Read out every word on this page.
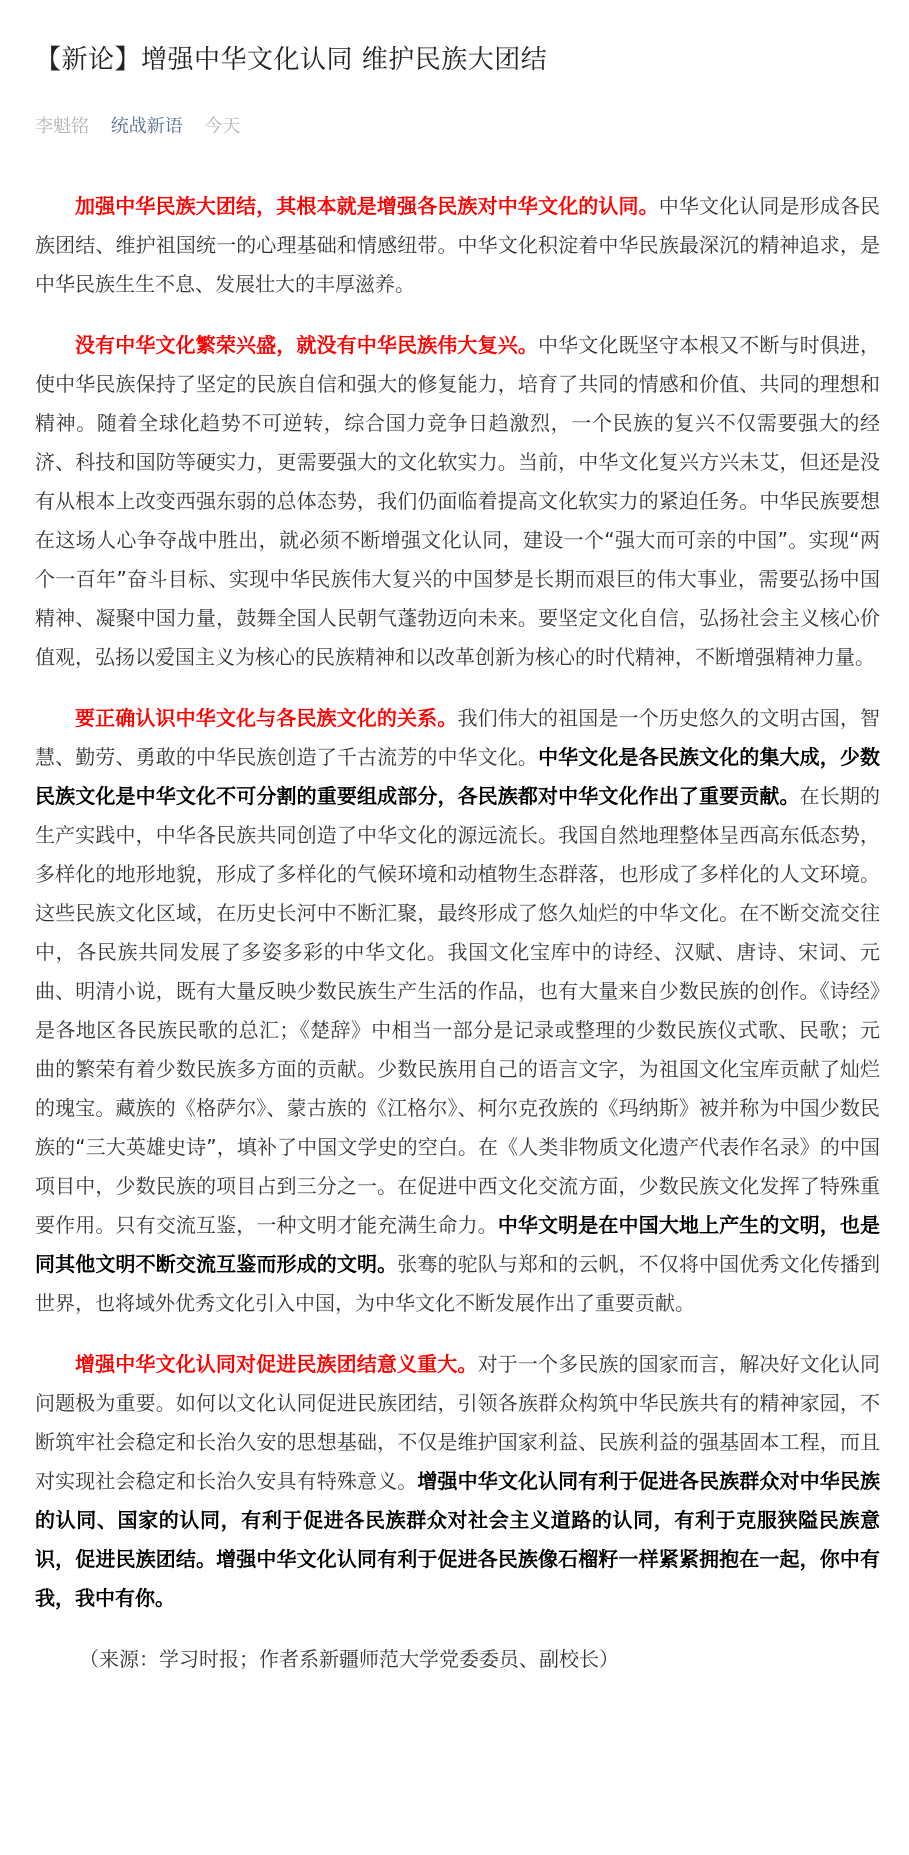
【新论】增强中华文化认同 维护民族大团结
李魁铭 统战新语 今天

加强中华民族大团结，其根本就是增强各民族对中华文化的认同。中华文化认同是形成各民族团结、维护祖国统一的心理基础和情感纽带。中华文化积淀着中华民族最深沉的精神追求，是中华民族生生不息、发展壮大的丰厚滋养。

没有中华文化繁荣兴盛，就没有中华民族伟大复兴。中华文化既坚守本根又不断与时俱进，使中华民族保持了坚定的民族自信和强大的修复能力，培育了共同的情感和价值、共同的理想和精神。随着全球化趋势不可逆转，综合国力竞争日趋激烈，一个民族的复兴不仅需要强大的经济、科技和国防等硬实力，更需要强大的文化软实力。当前，中华文化复兴方兴未艾，但还是没有从根本上改变西强东弱的总体态势，我们仍面临着提高文化软实力的紧迫任务。中华民族要想在这场人心争夺战中胜出，就必须不断增强文化认同，建设一个“强大而可亲的中国”。实现“两个一百年”奋斗目标、实现中华民族伟大复兴的中国梦是长期而艰巨的伟大事业，需要弘扬中国精神、凝聚中国力量，鼓舞全国人民朝气蓬勃迈向未来。要坚定文化自信，弘扬社会主义核心价值观，弘扬以爱国主义为核心的民族精神和以改革创新为核心的时代精神，不断增强精神力量。

要正确认识中华文化与各民族文化的关系。我们伟大的祖国是一个历史悠久的文明古国，智慧、勤劳、勇敢的中华民族创造了千古流芳的中华文化。中华文化是各民族文化的集大成，少数民族文化是中华文化不可分割的重要组成部分，各民族都对中华文化作出了重要贡献。在长期的生产实践中，中华各民族共同创造了中华文化的源远流长。我国自然地理整体呈西高东低态势，多样化的地形地貌，形成了多样化的气候环境和动植物生态群落，也形成了多样化的人文环境。这些民族文化区域，在历史长河中不断汇聚，最终形成了悠久灿烂的中华文化。在不断交流交往中，各民族共同发展了多姿多彩的中华文化。我国文化宝库中的诗经、汉赋、唐诗、宋词、元曲、明清小说，既有大量反映少数民族生产生活的作品，也有大量来自少数民族的创作。《诗经》是各地区各民族民歌的总汇；《楚辞》中相当一部分是记录或整理的少数民族仪式歌、民歌；元曲的繁荣有着少数民族多方面的贡献。少数民族用自己的语言文字，为祖国文化宝库贡献了灿烂的瑰宝。藏族的《格萨尔》、蒙古族的《江格尔》、柯尔克孜族的《玛纳斯》被并称为中国少数民族的“三大英雄史诗”，填补了中国文学史的空白。在《人类非物质文化遗产代表作名录》的中国项目中，少数民族的项目占到三分之一。在促进中西文化交流方面，少数民族文化发挥了特殊重要作用。只有交流互鉴，一种文明才能充满生命力。中华文明是在中国大地上产生的文明，也是同其他文明不断交流互鉴而形成的文明。张骞的驼队与郑和的云帆，不仅将中国优秀文化传播到世界，也将域外优秀文化引入中国，为中华文化不断发展作出了重要贡献。

增强中华文化认同对促进民族团结意义重大。对于一个多民族的国家而言，解决好文化认同问题极为重要。如何以文化认同促进民族团结，引领各族群众构筑中华民族共有的精神家园，不断筑牢社会稳定和长治久安的思想基础，不仅是维护国家利益、民族利益的强基固本工程，而且对实现社会稳定和长治久安具有特殊意义。增强中华文化认同有利于促进各民族群众对中华民族的认同、国家的认同，有利于促进各民族群众对社会主义道路的认同，有利于克服狭隘民族意识，促进民族团结。增强中华文化认同有利于促进各民族像石榴籽一样紧紧拥抱在一起，你中有我，我中有你。

（来源：学习时报；作者系新疆师范大学党委委员、副校长）
